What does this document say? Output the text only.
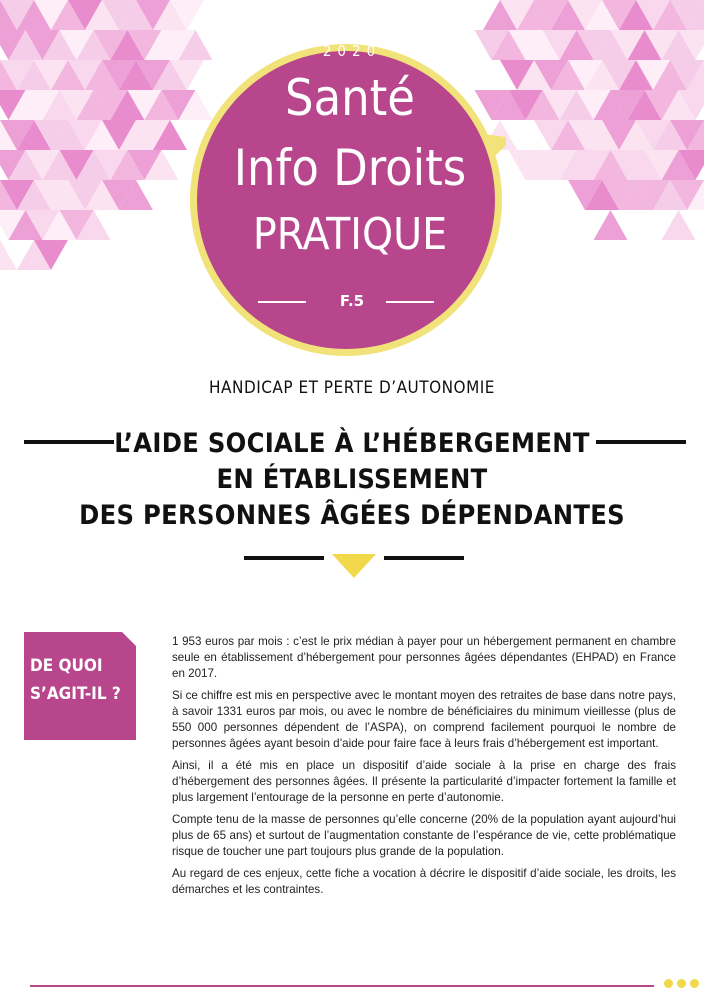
2020
Santé
Info Droits
PRATIQUE
F.5
HANDICAP ET PERTE D’AUTONOMIE
L’AIDE SOCIALE À L’HÉBERGEMENT
EN ÉTABLISSEMENT
DES PERSONNES ÂGÉES DÉPENDANTES
DE QUOI
S’AGIT-IL ?

1 953 euros par mois : c’est le prix médian à payer pour un hébergement permanent en chambre seule en établissement d’hébergement pour personnes âgées dépendantes (EHPAD) en France en 2017.

Si ce chiffre est mis en perspective avec le montant moyen des retraites de base dans notre pays, à savoir 1331 euros par mois, ou avec le nombre de bénéficiaires du minimum vieillesse (plus de 550 000 personnes dépendent de l’ASPA), on comprend facilement pourquoi le nombre de personnes âgées ayant besoin d’aide pour faire face à leurs frais d’hébergement est important.

Ainsi, il a été mis en place un dispositif d’aide sociale à la prise en charge des frais d’hébergement des personnes âgées. Il présente la particularité d’impacter fortement la famille et plus largement l’entourage de la personne en perte d’autonomie.

Compte tenu de la masse de personnes qu’elle concerne (20% de la population ayant aujourd’hui plus de 65 ans) et surtout de l’augmentation constante de l’espérance de vie, cette problématique risque de toucher une part toujours plus grande de la population.

Au regard de ces enjeux, cette fiche a vocation à décrire le dispositif d’aide sociale, les droits, les démarches et les contraintes.
